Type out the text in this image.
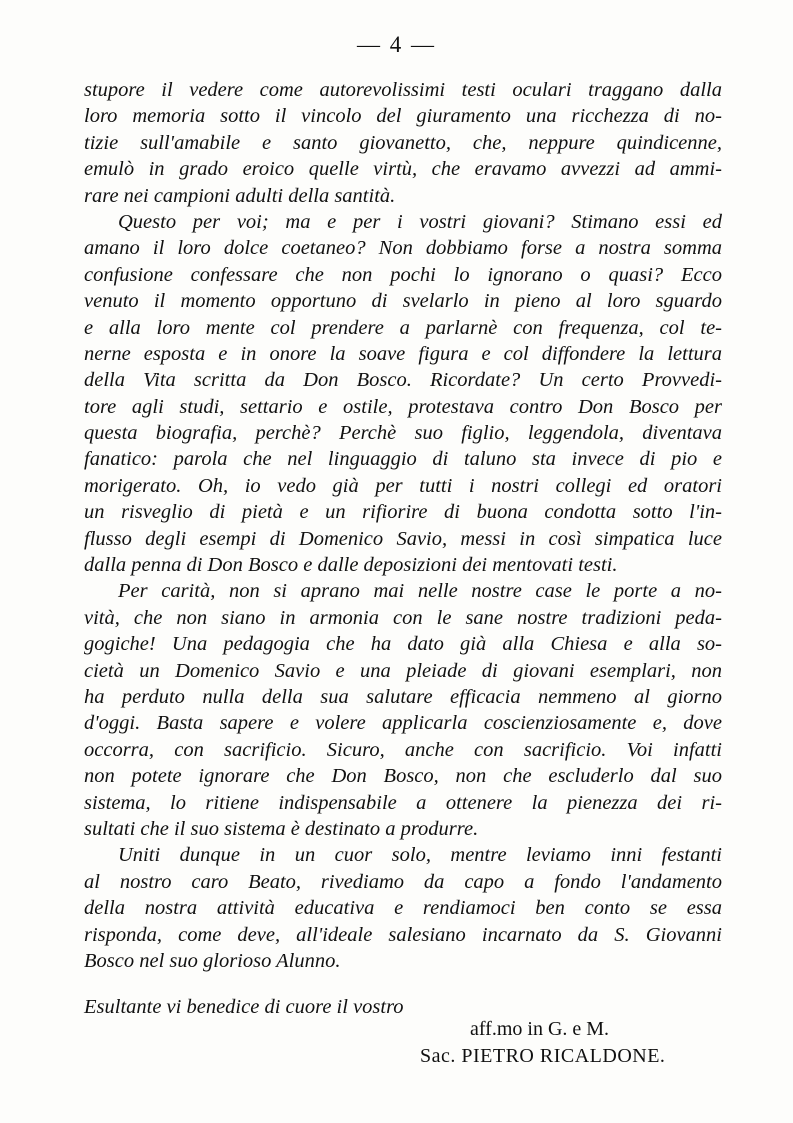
— 4 —
stupore il vedere come autorevolissimi testi oculari traggano dalla
loro memoria sotto il vincolo del giuramento una ricchezza di no-
tizie sull'amabile e santo giovanetto, che, neppure quindicenne,
emulò in grado eroico quelle virtù, che eravamo avvezzi ad ammi-
rare nei campioni adulti della santità.
Questo per voi; ma e per i vostri giovani? Stimano essi ed
amano il loro dolce coetaneo? Non dobbiamo forse a nostra somma
confusione confessare che non pochi lo ignorano o quasi? Ecco
venuto il momento opportuno di svelarlo in pieno al loro sguardo
e alla loro mente col prendere a parlarnè con frequenza, col te-
nerne esposta e in onore la soave figura e col diffondere la lettura
della Vita scritta da Don Bosco. Ricordate? Un certo Provvedi-
tore agli studi, settario e ostile, protestava contro Don Bosco per
questa biografia, perchè? Perchè suo figlio, leggendola, diventava
fanatico: parola che nel linguaggio di taluno sta invece di pio e
morigerato. Oh, io vedo già per tutti i nostri collegi ed oratori
un risveglio di pietà e un rifiorire di buona condotta sotto l'in-
flusso degli esempi di Domenico Savio, messi in così simpatica luce
dalla penna di Don Bosco e dalle deposizioni dei mentovati testi.
Per carità, non si aprano mai nelle nostre case le porte a no-
vità, che non siano in armonia con le sane nostre tradizioni peda-
gogiche! Una pedagogia che ha dato già alla Chiesa e alla so-
cietà un Domenico Savio e una pleiade di giovani esemplari, non
ha perduto nulla della sua salutare efficacia nemmeno al giorno
d'oggi. Basta sapere e volere applicarla coscienziosamente e, dove
occorra, con sacrificio. Sicuro, anche con sacrificio. Voi infatti
non potete ignorare che Don Bosco, non che escluderlo dal suo
sistema, lo ritiene indispensabile a ottenere la pienezza dei ri-
sultati che il suo sistema è destinato a produrre.
Uniti dunque in un cuor solo, mentre leviamo inni festanti
al nostro caro Beato, rivediamo da capo a fondo l'andamento
della nostra attività educativa e rendiamoci ben conto se essa
risponda, come deve, all'ideale salesiano incarnato da S. Giovanni
Bosco nel suo glorioso Alunno.
Esultante vi benedice di cuore il vostro
aff.mo in G. e M.
Sac. PIETRO RICALDONE.
